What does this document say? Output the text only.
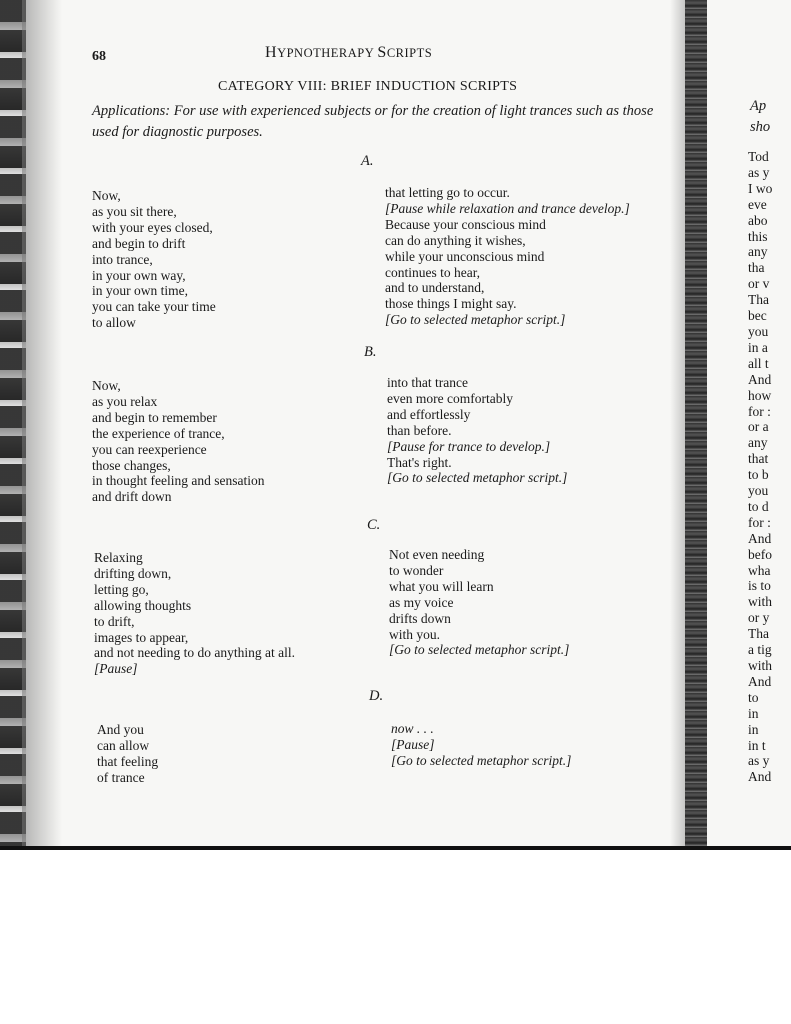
68	HYPNOTHERAPY SCRIPTS
CATEGORY VIII: BRIEF INDUCTION SCRIPTS
Applications: For use with experienced subjects or for the creation of light trances such as those used for diagnostic purposes.
A.
Now,
as you sit there,
with your eyes closed,
and begin to drift
into trance,
in your own way,
in your own time,
you can take your time
to allow
that letting go to occur.
[Pause while relaxation and trance develop.]
Because your conscious mind
can do anything it wishes,
while your unconscious mind
continues to hear,
and to understand,
those things I might say.
[Go to selected metaphor script.]
B.
Now,
as you relax
and begin to remember
the experience of trance,
you can reexperience
those changes,
in thought feeling and sensation
and drift down
into that trance
even more comfortably
and effortlessly
than before.
[Pause for trance to develop.]
That's right.
[Go to selected metaphor script.]
C.
Relaxing
drifting down,
letting go,
allowing thoughts
to drift,
images to appear,
and not needing to do anything at all.
[Pause]
Not even needing
to wonder
what you will learn
as my voice
drifts down
with you.
[Go to selected metaphor script.]
D.
And you
can allow
that feeling
of trance
now . . .
[Pause]
[Go to selected metaphor script.]
Ap
sho
Tod
as y
I wo
eve
abo
this
any
tha
or v
Tha
bec
you
in a
all t
And
how
for :
or a
any
that
to b
you
to d
for :
And
befo
wha
is to
with
or y
Tha
a tig
with
And
to
in
in
in t
as y
And
